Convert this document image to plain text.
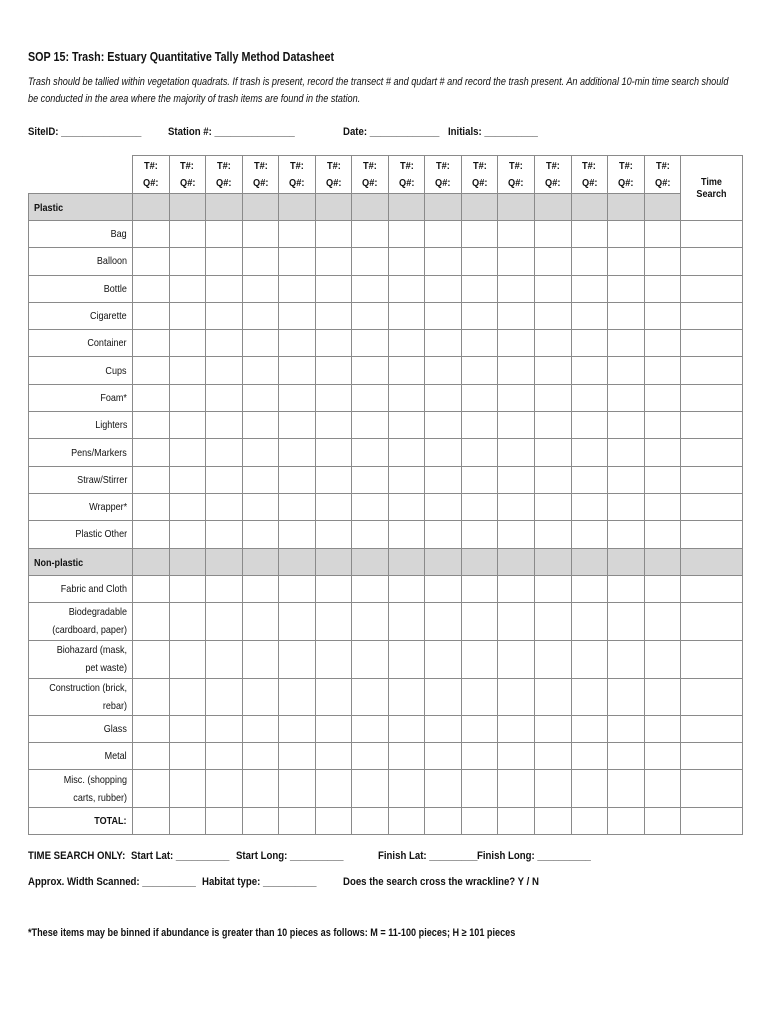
SOP 15: Trash: Estuary Quantitative Tally Method Datasheet
Trash should be tallied within vegetation quadrats. If trash is present, record the transect # and qudart # and record the trash present. An additional 10-min time search should be conducted in the area where the majority of trash items are found in the station.
SiteID: _______________ Station #: _______________	Date: _____________ Initials: __________
	T#:
Q#:	T#:
Q#:	T#:
Q#:	T#:
Q#:	T#:
Q#:	T#:
Q#:	T#:
Q#:	T#:
Q#:	T#:
Q#:	T#:
Q#:	T#:
Q#:	T#:
Q#:	T#:
Q#:	T#:
Q#:	T#:
Q#:	Time Search
Plastic																
Bag																
Balloon																
Bottle																
Cigarette																
Container																
Cups																
Foam*																
Lighters																
Pens/Markers																
Straw/Stirrer																
Wrapper*																
Plastic Other																
Non-plastic																
Fabric and Cloth																
Biodegradable (cardboard, paper)																
Biohazard (mask, pet waste)																
Construction (brick, rebar)																
Glass																
Metal																
Misc. (shopping carts, rubber)																
TOTAL:																
TIME SEARCH ONLY: Start Lat: __________ Start Long: __________	Finish Lat: _________ Finish Long: __________
Approx. Width Scanned: __________ Habitat type: __________ Does the search cross the wrackline? Y / N
*These items may be binned if abundance is greater than 10 pieces as follows: M = 11-100 pieces; H ≥ 101 pieces
